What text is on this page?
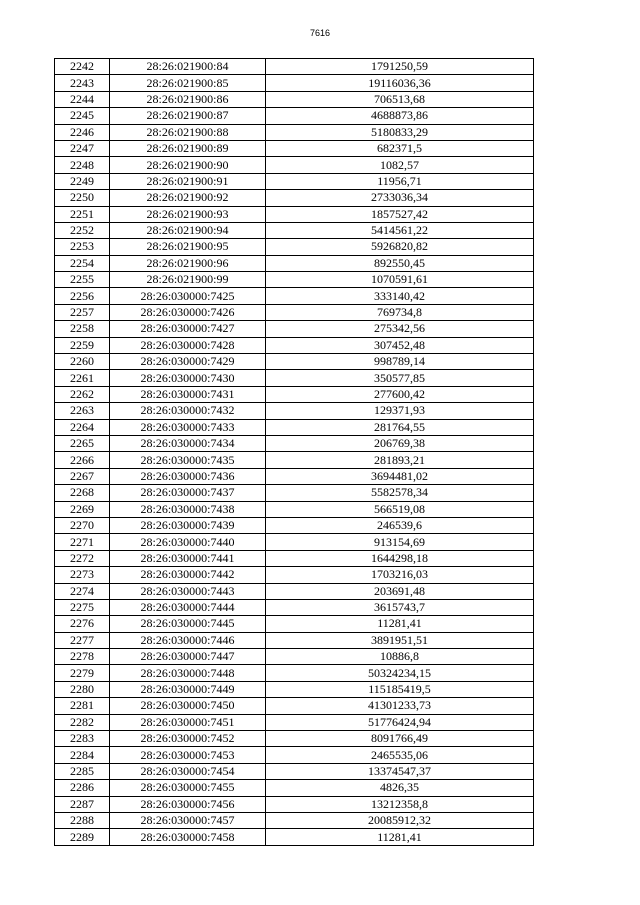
7616
2242	28:26:021900:84	1791250,59
2243	28:26:021900:85	19116036,36
2244	28:26:021900:86	706513,68
2245	28:26:021900:87	4688873,86
2246	28:26:021900:88	5180833,29
2247	28:26:021900:89	682371,5
2248	28:26:021900:90	1082,57
2249	28:26:021900:91	11956,71
2250	28:26:021900:92	2733036,34
2251	28:26:021900:93	1857527,42
2252	28:26:021900:94	5414561,22
2253	28:26:021900:95	5926820,82
2254	28:26:021900:96	892550,45
2255	28:26:021900:99	1070591,61
2256	28:26:030000:7425	333140,42
2257	28:26:030000:7426	769734,8
2258	28:26:030000:7427	275342,56
2259	28:26:030000:7428	307452,48
2260	28:26:030000:7429	998789,14
2261	28:26:030000:7430	350577,85
2262	28:26:030000:7431	277600,42
2263	28:26:030000:7432	129371,93
2264	28:26:030000:7433	281764,55
2265	28:26:030000:7434	206769,38
2266	28:26:030000:7435	281893,21
2267	28:26:030000:7436	3694481,02
2268	28:26:030000:7437	5582578,34
2269	28:26:030000:7438	566519,08
2270	28:26:030000:7439	246539,6
2271	28:26:030000:7440	913154,69
2272	28:26:030000:7441	1644298,18
2273	28:26:030000:7442	1703216,03
2274	28:26:030000:7443	203691,48
2275	28:26:030000:7444	3615743,7
2276	28:26:030000:7445	11281,41
2277	28:26:030000:7446	3891951,51
2278	28:26:030000:7447	10886,8
2279	28:26:030000:7448	50324234,15
2280	28:26:030000:7449	115185419,5
2281	28:26:030000:7450	41301233,73
2282	28:26:030000:7451	51776424,94
2283	28:26:030000:7452	8091766,49
2284	28:26:030000:7453	2465535,06
2285	28:26:030000:7454	13374547,37
2286	28:26:030000:7455	4826,35
2287	28:26:030000:7456	13212358,8
2288	28:26:030000:7457	20085912,32
2289	28:26:030000:7458	11281,41
